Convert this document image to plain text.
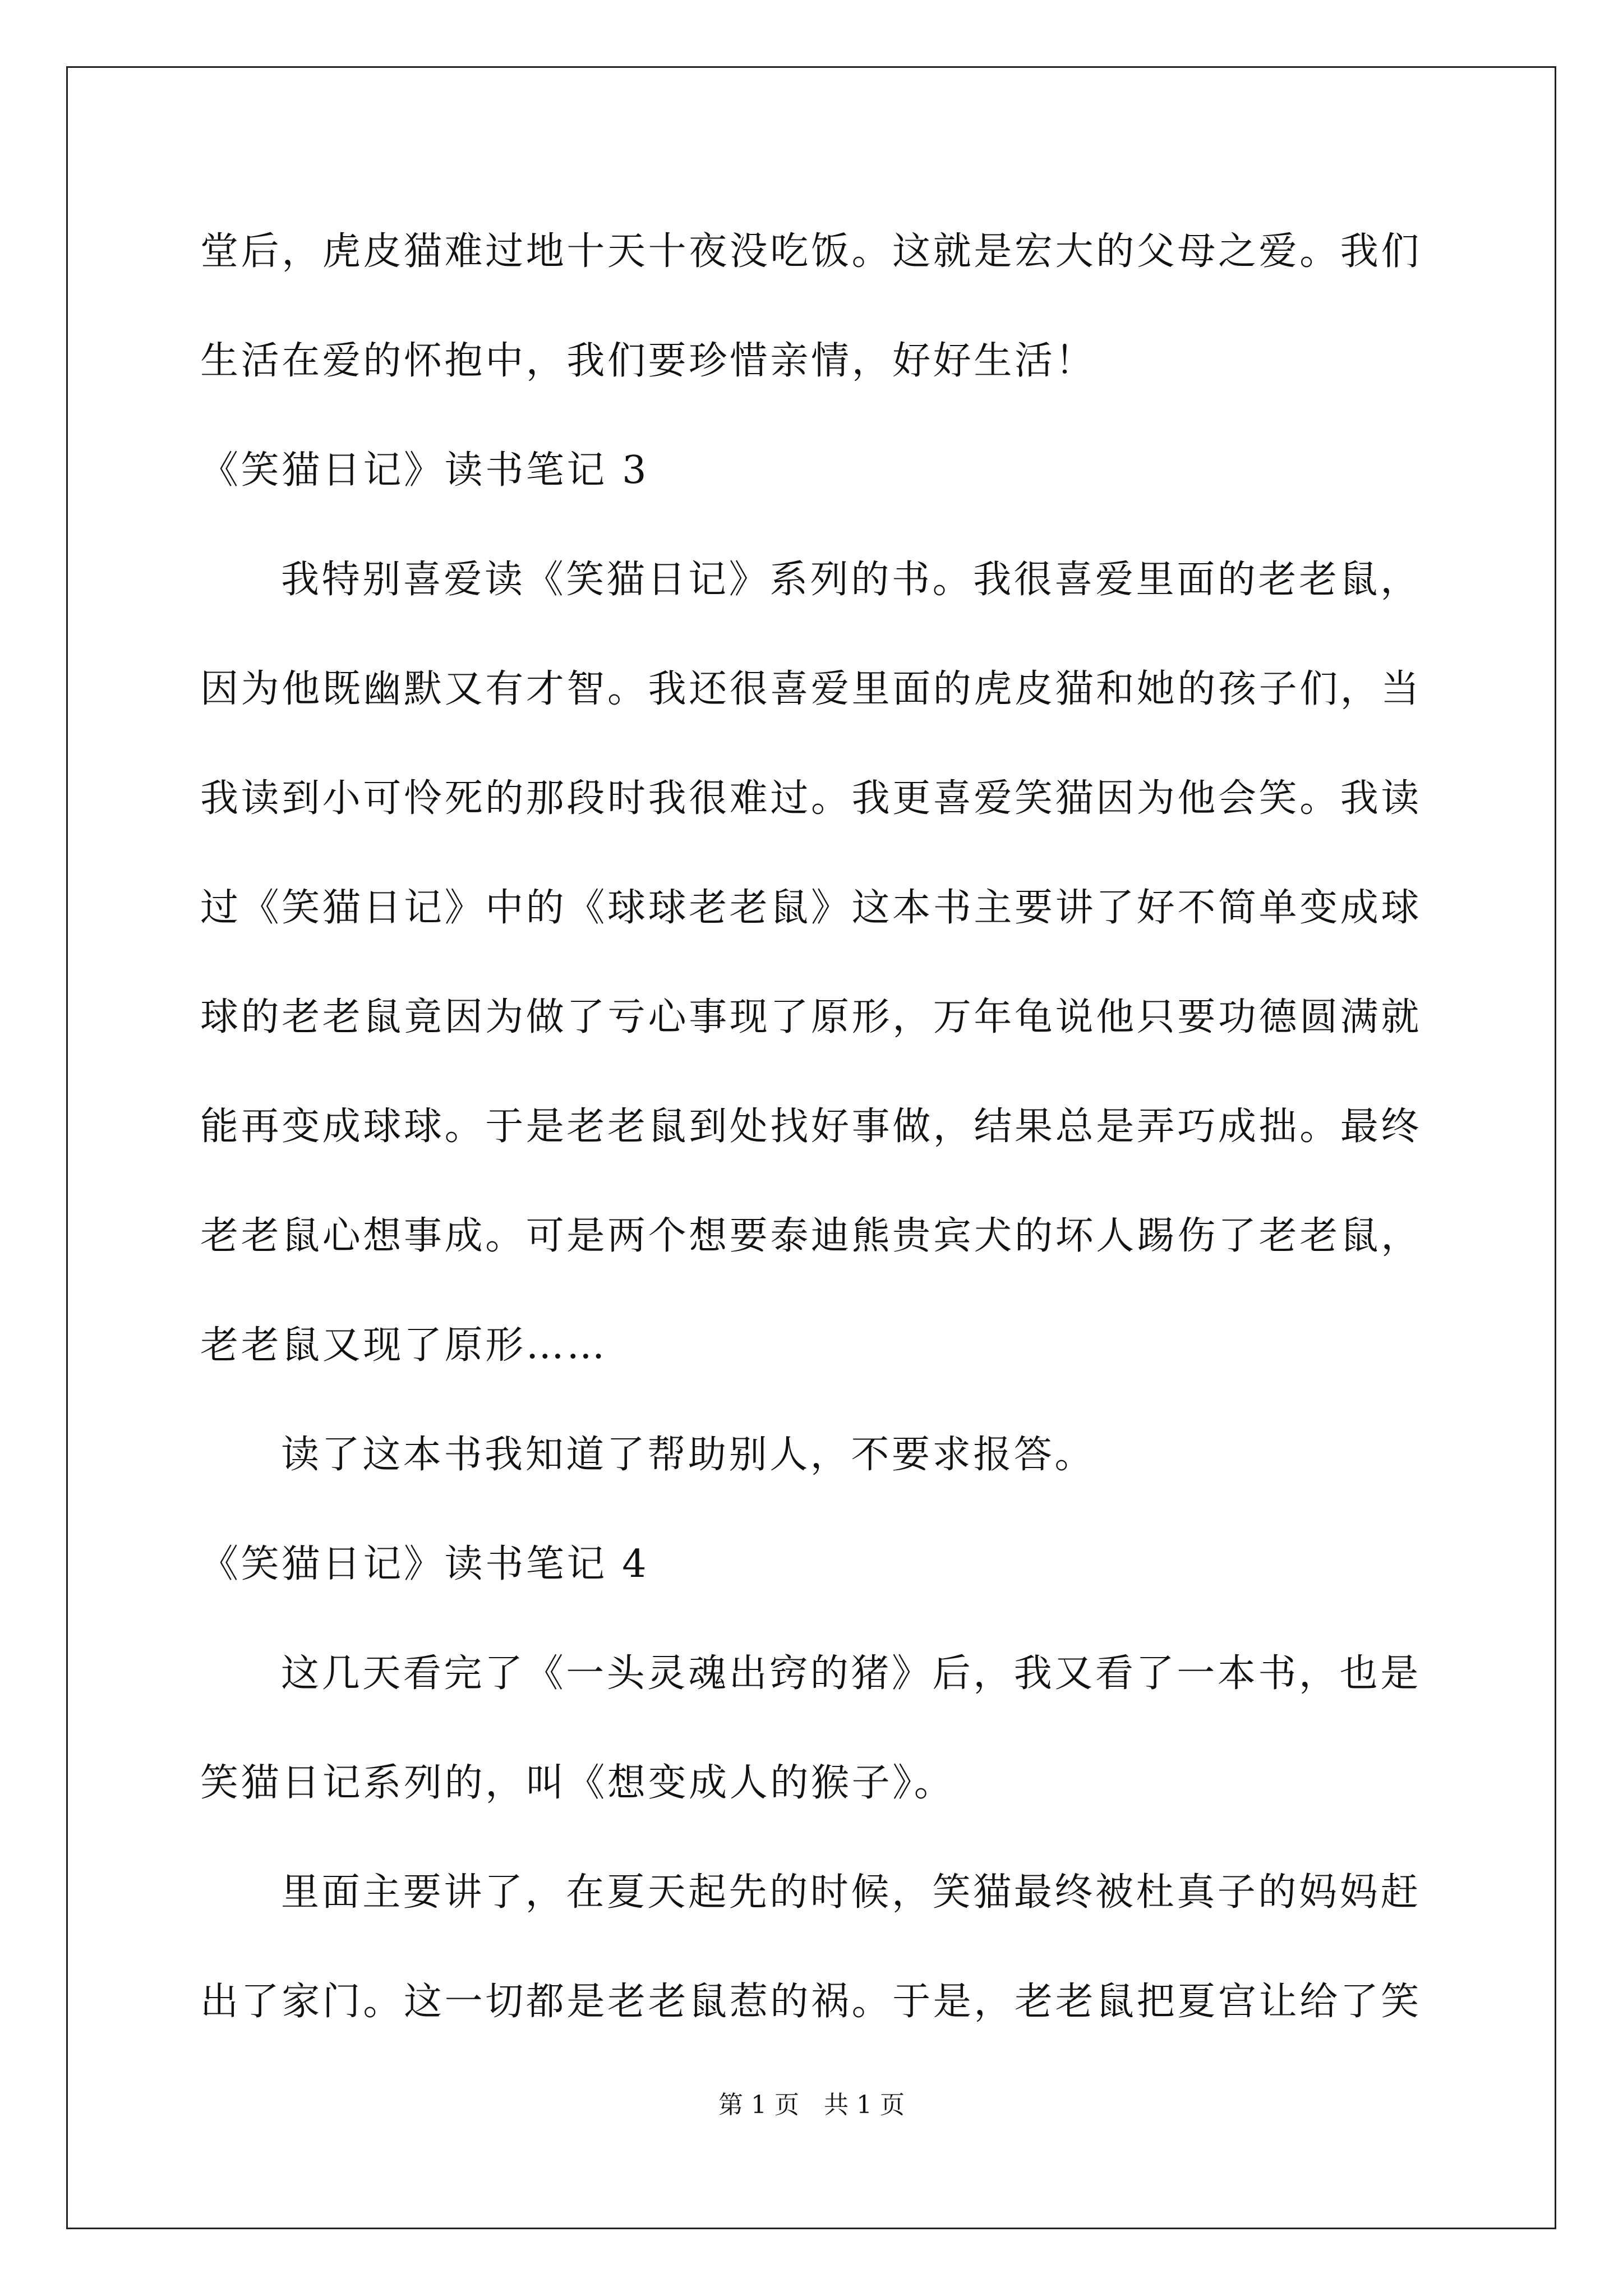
堂后，虎皮猫难过地十天十夜没吃饭。这就是宏大的父母之爱。我们

生活在爱的怀抱中，我们要珍惜亲情，好好生活！

《笑猫日记》读书笔记 3

我特别喜爱读《笑猫日记》系列的书。我很喜爱里面的老老鼠，

因为他既幽默又有才智。我还很喜爱里面的虎皮猫和她的孩子们，当

我读到小可怜死的那段时我很难过。我更喜爱笑猫因为他会笑。我读

过《笑猫日记》中的《球球老老鼠》这本书主要讲了好不简单变成球

球的老老鼠竟因为做了亏心事现了原形，万年龟说他只要功德圆满就

能再变成球球。于是老老鼠到处找好事做，结果总是弄巧成拙。最终

老老鼠心想事成。可是两个想要泰迪熊贵宾犬的坏人踢伤了老老鼠，

老老鼠又现了原形……

读了这本书我知道了帮助别人，不要求报答。

《笑猫日记》读书笔记 4

这几天看完了《一头灵魂出窍的猪》后，我又看了一本书，也是

笑猫日记系列的，叫《想变成人的猴子》。

里面主要讲了，在夏天起先的时候，笑猫最终被杜真子的妈妈赶

出了家门。这一切都是老老鼠惹的祸。于是，老老鼠把夏宫让给了笑

第 1 页　共 1 页
